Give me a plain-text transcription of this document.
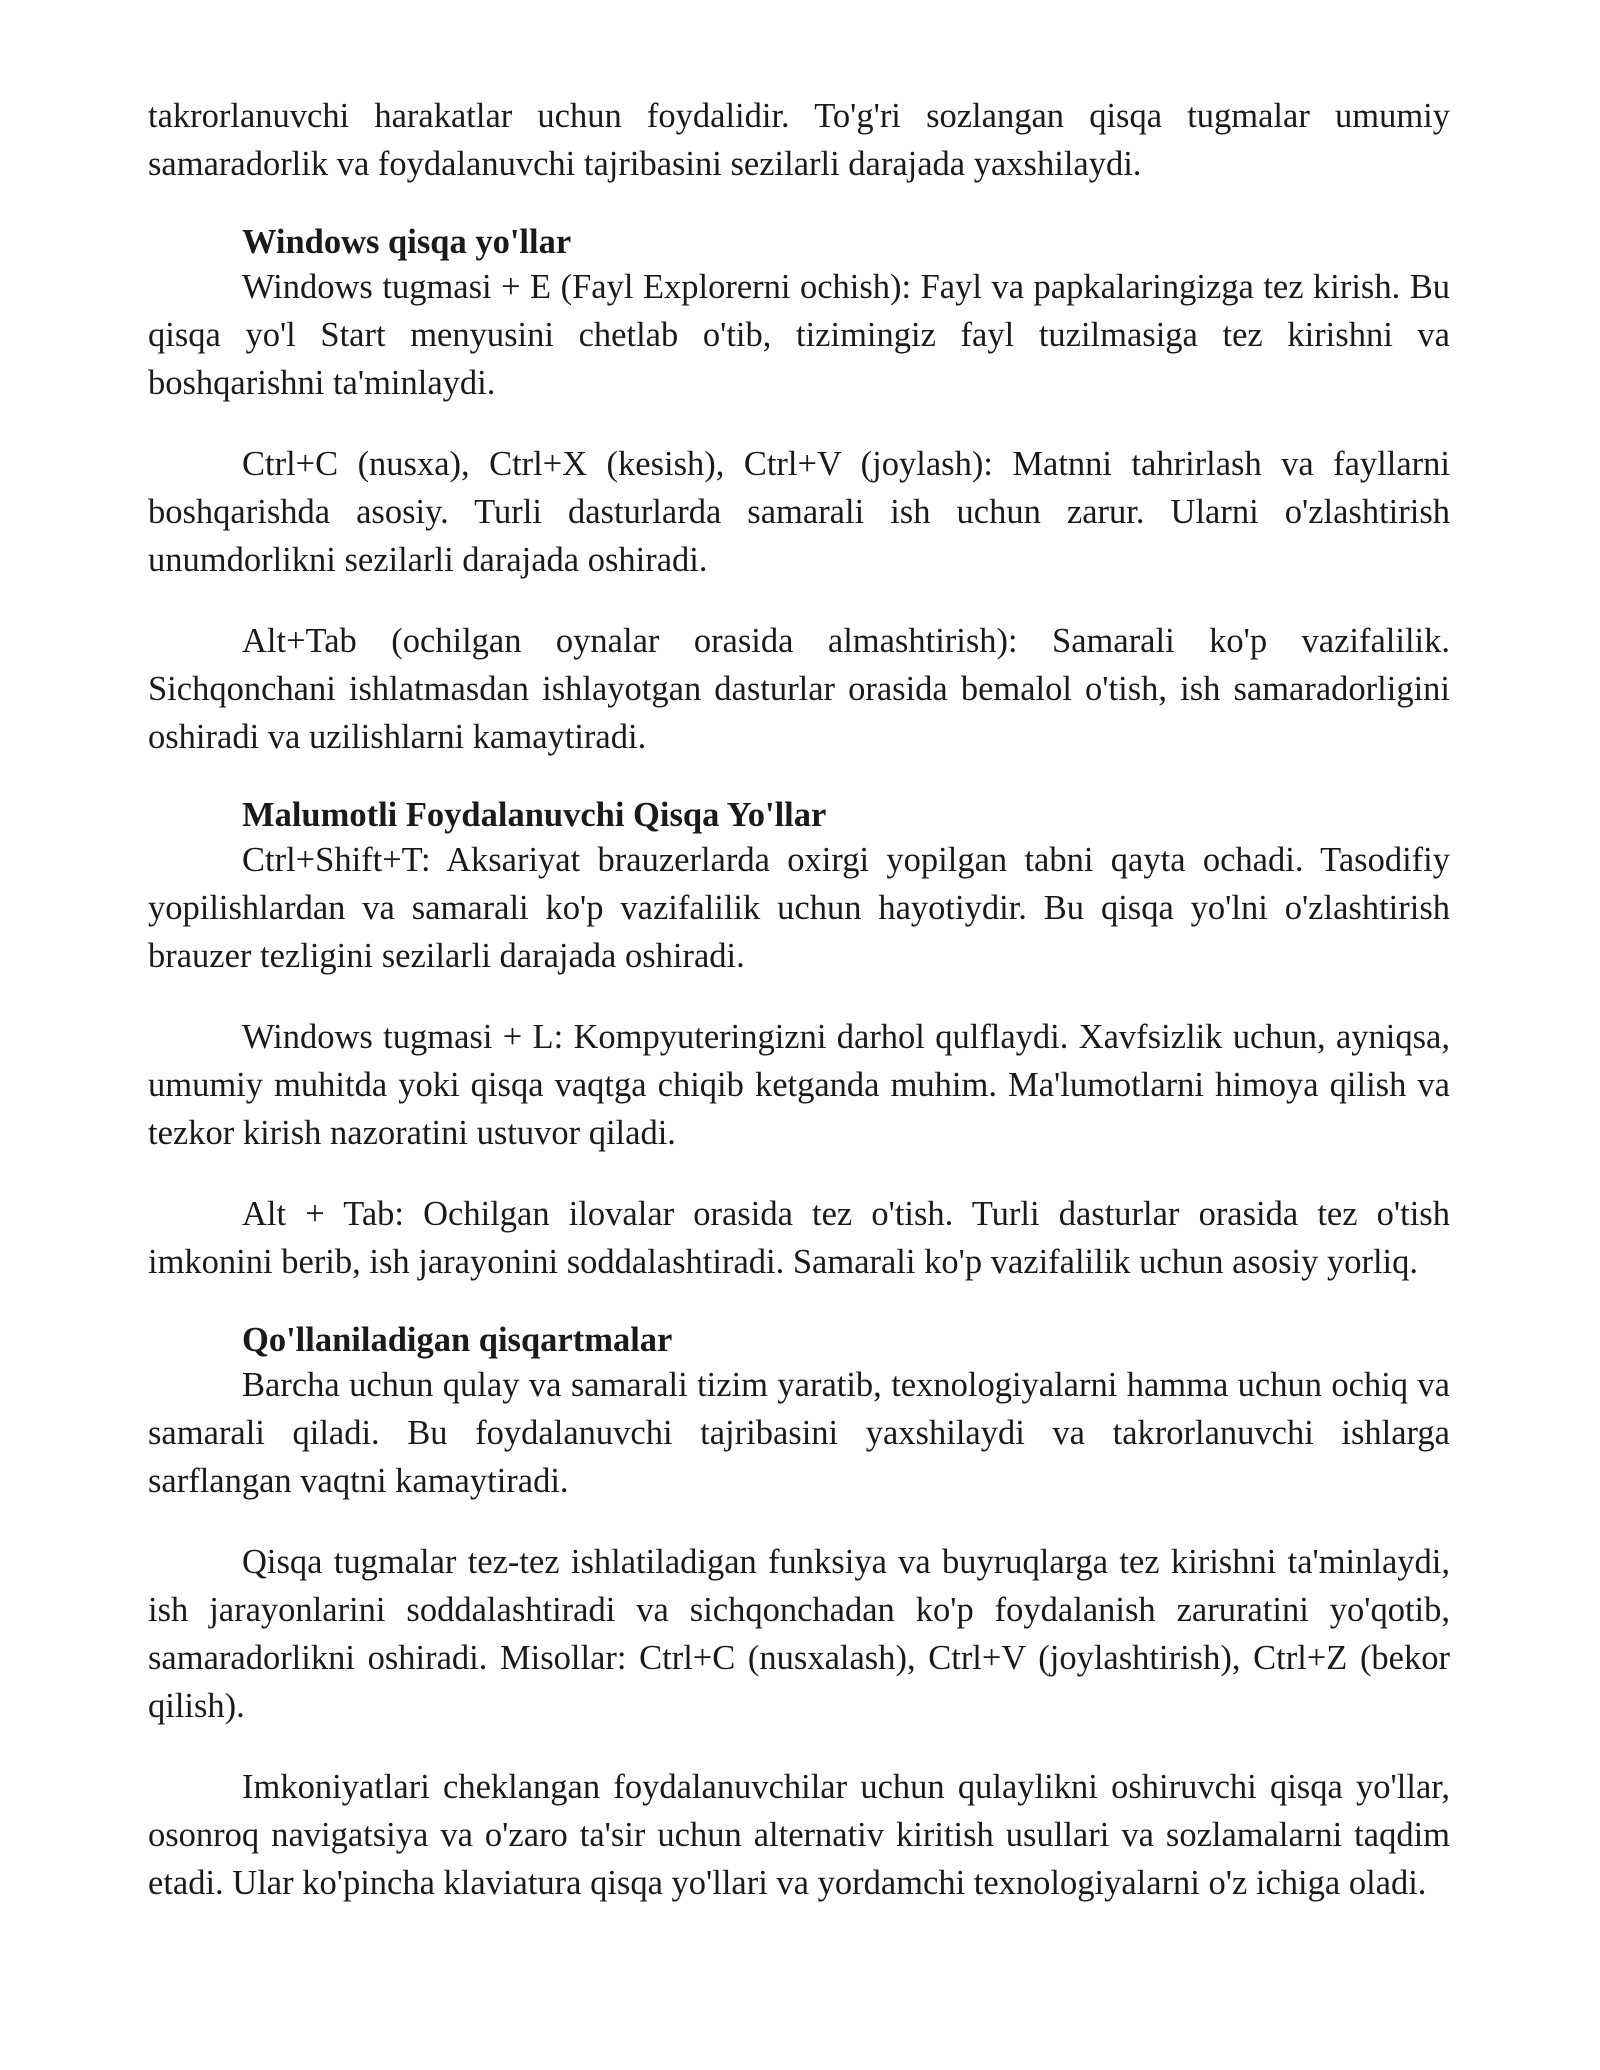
takrorlanuvchi harakatlar uchun foydalidir. To'g'ri sozlangan qisqa tugmalar umumiy samaradorlik va foydalanuvchi tajribasini sezilarli darajada yaxshilaydi.

Windows qisqa yo'llar

Windows tugmasi + E (Fayl Explorerni ochish): Fayl va papkalaringizga tez kirish. Bu qisqa yo'l Start menyusini chetlab o'tib, tizimingiz fayl tuzilmasiga tez kirishni va boshqarishni ta'minlaydi.

Ctrl+C (nusxa), Ctrl+X (kesish), Ctrl+V (joylash): Matnni tahrirlash va fayllarni boshqarishda asosiy. Turli dasturlarda samarali ish uchun zarur. Ularni o'zlashtirish unumdorlikni sezilarli darajada oshiradi.

Alt+Tab (ochilgan oynalar orasida almashtirish): Samarali ko'p vazifalilik. Sichqonchani ishlatmasdan ishlayotgan dasturlar orasida bemalol o'tish, ish samaradorligini oshiradi va uzilishlarni kamaytiradi.

Malumotli Foydalanuvchi Qisqa Yo'llar

Ctrl+Shift+T: Aksariyat brauzerlarda oxirgi yopilgan tabni qayta ochadi. Tasodifiy yopilishlardan va samarali ko'p vazifalilik uchun hayotiydir. Bu qisqa yo'lni o'zlashtirish brauzer tezligini sezilarli darajada oshiradi.

Windows tugmasi + L: Kompyuteringizni darhol qulflaydi. Xavfsizlik uchun, ayniqsa, umumiy muhitda yoki qisqa vaqtga chiqib ketganda muhim. Ma'lumotlarni himoya qilish va tezkor kirish nazoratini ustuvor qiladi.

Alt + Tab: Ochilgan ilovalar orasida tez o'tish. Turli dasturlar orasida tez o'tish imkonini berib, ish jarayonini soddalashtiradi. Samarali ko'p vazifalilik uchun asosiy yorliq.

Qo'llaniladigan qisqartmalar

Barcha uchun qulay va samarali tizim yaratib, texnologiyalarni hamma uchun ochiq va samarali qiladi. Bu foydalanuvchi tajribasini yaxshilaydi va takrorlanuvchi ishlarga sarflangan vaqtni kamaytiradi.

Qisqa tugmalar tez-tez ishlatiladigan funksiya va buyruqlarga tez kirishni ta'minlaydi, ish jarayonlarini soddalashtiradi va sichqonchadan ko'p foydalanish zaruratini yo'qotib, samaradorlikni oshiradi. Misollar: Ctrl+C (nusxalash), Ctrl+V (joylashtirish), Ctrl+Z (bekor qilish).

Imkoniyatlari cheklangan foydalanuvchilar uchun qulaylikni oshiruvchi qisqa yo'llar, osonroq navigatsiya va o'zaro ta'sir uchun alternativ kiritish usullari va sozlamalarni taqdim etadi. Ular ko'pincha klaviatura qisqa yo'llari va yordamchi texnologiyalarni o'z ichiga oladi.
